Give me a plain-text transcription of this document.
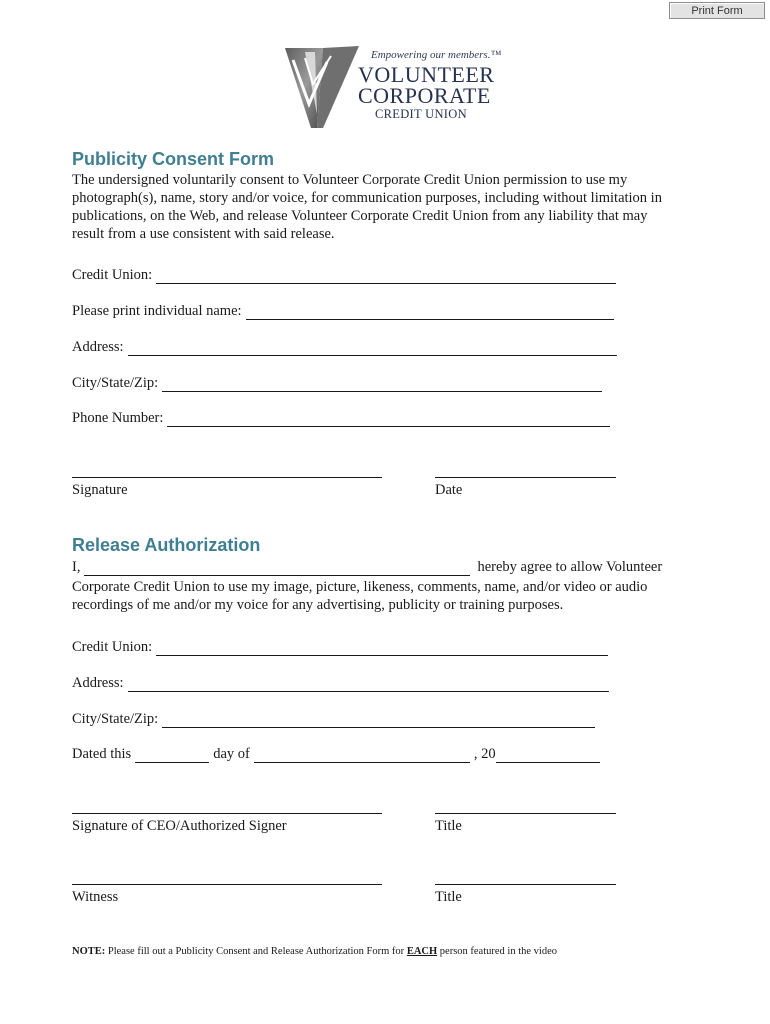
Print Form
Empowering our members.™
VOLUNTEER
CORPORATE
CREDIT UNION
Publicity Consent Form

The undersigned voluntarily consent to Volunteer Corporate Credit Union permission to use my
photograph(s), name, story and/or voice, for communication purposes, including without limitation in
publications, on the Web, and release Volunteer Corporate Credit Union from any liability that may
result from a use consistent with said release.

Credit Union:
Please print individual name:
Address:
City/State/Zip:
Phone Number:
Signature	Date
Release Authorization
I,	hereby agree to allow Volunteer

Corporate Credit Union to use my image, picture, likeness, comments, name, and/or video or audio
recordings of me and/or my voice for any advertising, publicity or training purposes.

Credit Union:
Address:
City/State/Zip:
Dated this	day of	, 20
Signature of CEO/Authorized Signer	Title
Witness	Title
NOTE: Please fill out a Publicity Consent and Release Authorization Form for EACH person featured in the video
